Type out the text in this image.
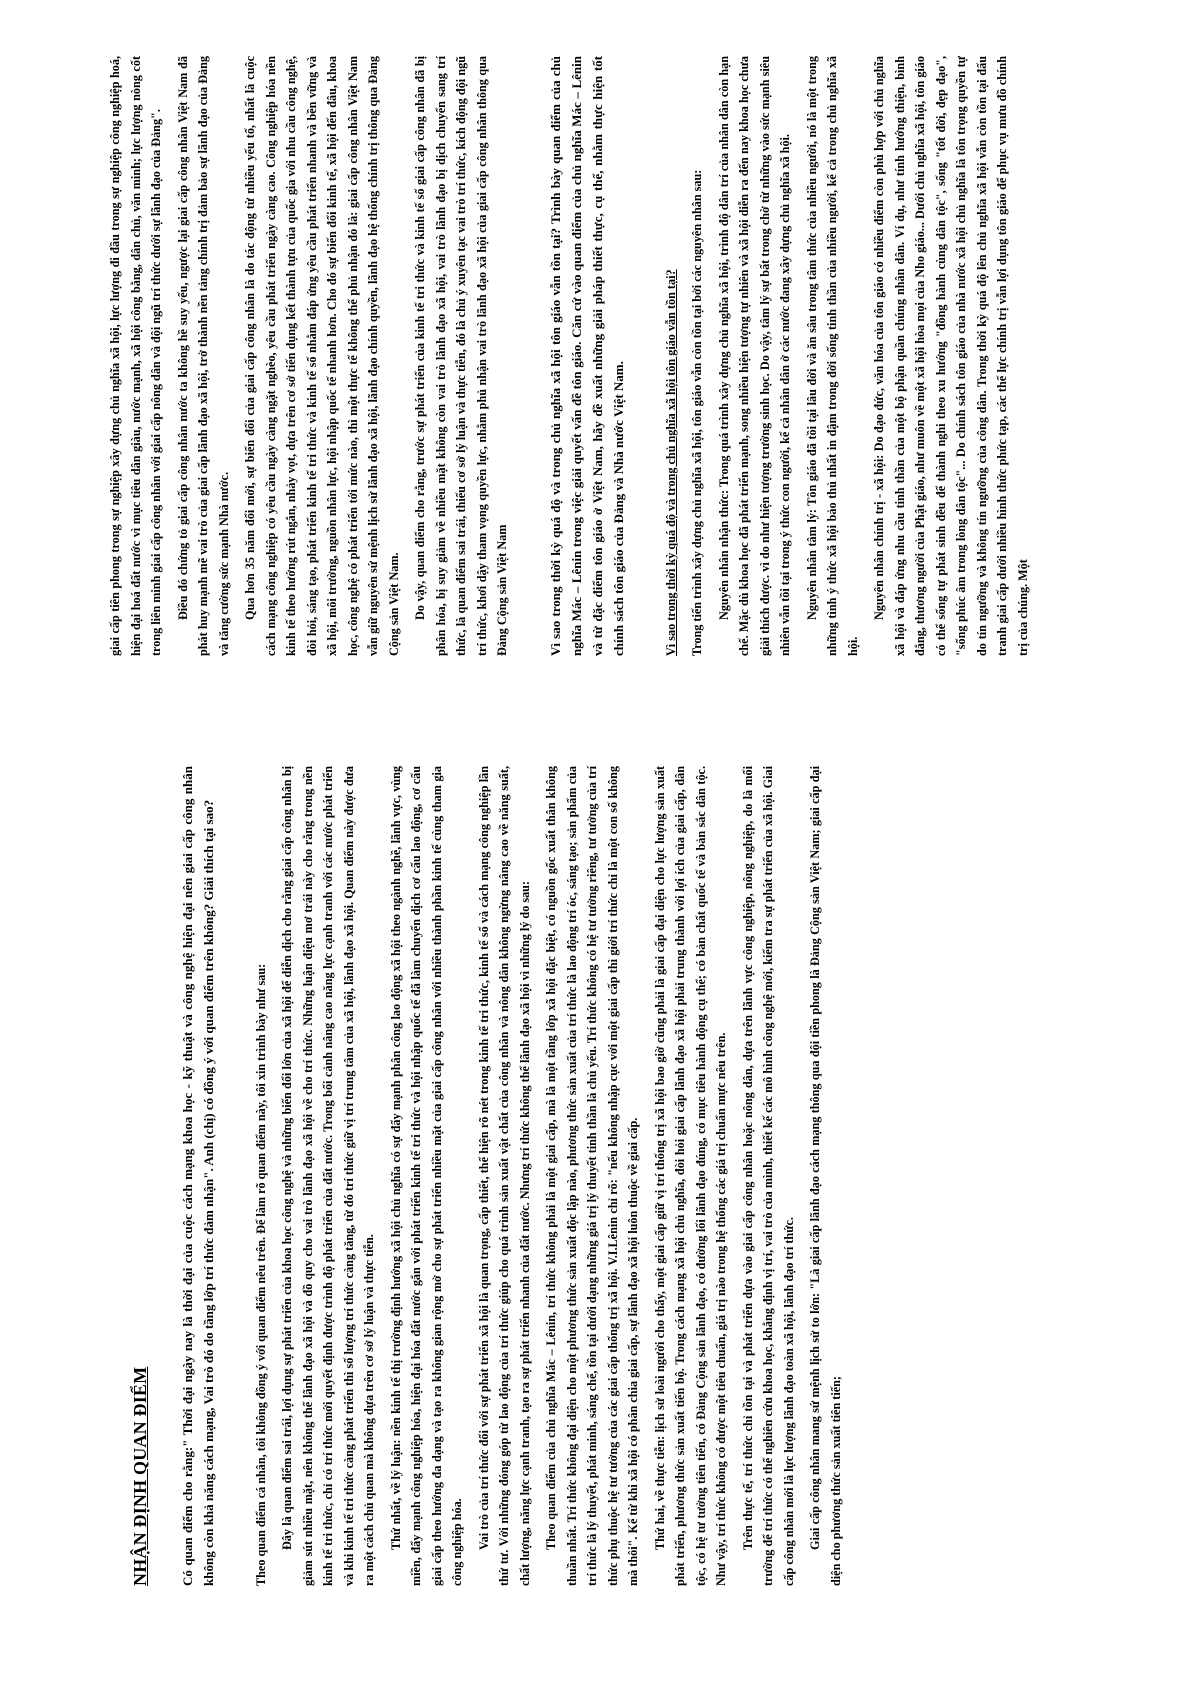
NHẬN ĐỊNH QUAN ĐIỂM Có quan điểm cho rằng:" Thời đại ngày nay là thời đại của cuộc cách mạng khoa học - kỹ thuật và công nghệ hiện đại nên giai cấp công nhân không còn khả năng cách mạng, Vai trò đó do tầng lớp trí thức đảm nhận". Anh (chị) có đồng ý với quan điểm trên không? Giải thích tại sao?	Theo quan điểm cá nhân, tôi không đồng ý với quan điểm nêu trên. Để làm rõ quan điểm này, tôi xin trình bày như sau: Đây là quan điểm sai trái, lợi dụng sự phát triển của khoa học công nghệ và những biến đổi lớn của xã hội để diễn dịch cho rằng giai cấp công nhân bị giảm sút nhiều mặt, nên không thể lãnh đạo xã hội và đồ quy cho vai trò lãnh đạo xã hội về cho trí thức. Những luận điệu mơ trái này cho rằng trong nền kinh tế tri thức, chỉ có trí thức mới quyết định được trình độ phát triển của đất nước. Trong bối cảnh nâng cao năng lực cạnh tranh với các nước phát triển và khi kinh tế tri thức càng phát triển thì số lượng trí thức càng tăng, từ đó trí thức giữ vị trí trung tâm của xã hội, lãnh đạo xã hội. Quan điểm này được đưa ra một cách chủ quan mà không dựa trên cơ sở lý luận và thực tiễn. Thứ nhất, về lý luận: nền kinh tế thị trường định hướng xã hội chủ nghĩa có sự đẩy mạnh phân công lao động xã hội theo ngành nghề, lãnh vực, vùng miền, đẩy mạnh công nghiệp hóa, hiện đại hóa đất nước gắn với phát triển kinh tế tri thức và hội nhập quốc tế đã làm chuyển dịch cơ cấu lao động, cơ cấu giai cấp theo hướng đa dạng và tạo ra không gian rộng mở cho sự phát triển nhiều mặt của giai cấp công nhân với nhiều thành phần kinh tế cùng tham gia công nghiệp hóa. Vai trò của trí thức đối với sự phát triển xã hội là quan trọng, cấp thiết, thể hiện rõ nét trong kinh tế tri thức, kinh tế số và cách mạng công nghiệp lần thứ tư. Với những đóng góp từ lao động của trí thức giúp cho quá trình sản xuất vật chất của công nhân và nông dân không ngừng nâng cao về năng suất, chất lượng, năng lực cạnh tranh, tạo ra sự phát triển nhanh của đất nước. Nhưng trí thức không thể lãnh đạo xã hội vì những lý do sau: Theo quan điểm của chủ nghĩa Mác – Lênin, trí thức không phải là một giai cấp, mà là một tầng lớp xã hội đặc biệt, có nguồn gốc xuất thân không thuần nhất. Trí thức không đại diện cho một phương thức sản xuất độc lập nào, phương thức sản xuất của trí thức là lao động trí óc, sáng tạo; sản phẩm của trí thức là lý thuyết, phát minh, sáng chế, tồn tại dưới dạng những giá trị lý thuyết tinh thần là chủ yếu. Trí thức không có hệ tư tưởng riêng, tư tưởng của trí thức phụ thuộc hệ tư tưởng của các giai cấp thống trị xã hội. V.I.Lênin chỉ rõ: "nếu không nhập cục với một giai cấp thì giới trí thức chỉ là một con số không mà thôi". Kể từ khi xã hội có phân chia giai cấp, sự lãnh đạo xã hội luôn thuộc về giai cấp. Thứ hai, về thực tiễn: lịch sử loài người cho thấy, một giai cấp giữ vị trí thống trị xã hội bao giờ cũng phải là giai cấp đại diện cho lực lượng sản xuất phát triển, phương thức sản xuất tiến bộ. Trong cách mạng xã hội chủ nghĩa, đòi hỏi giai cấp lãnh đạo xã hội phải trung thành với lợi ích của giai cấp, dân tộc, có hệ tư tưởng tiên tiến, có Đảng Cộng sản lãnh đạo, có đường lối lãnh đạo đúng, có mục tiêu hành động cụ thể; có bản chất quốc tế và bản sắc dân tộc. Như vậy, trí thức không có được một tiêu chuẩn, giá trị nào trong hệ thống các giá trị chuẩn mực nêu trên. Trên thực tế, trí thức chỉ tồn tại và phát triển dựa vào giai cấp công nhân hoặc nông dân, dựa trên lãnh vực công nghiệp, nông nghiệp, do là mối trường để trí thức có thể nghiên cứu khoa học, khẳng định vị trí, vai trò của mình, thiết kế các mô hình công nghệ mới, kiểm tra sự phát triển của xã hội. Giai cấp công nhân mới là lực lượng lãnh đạo toàn xã hội, lãnh đạo trí thức. Giai cấp công nhân mang sứ mệnh lịch sử to lớn: "Là giai cấp lãnh đạo cách mạng thông qua đội tiền phong là Đảng Cộng sản Việt Nam; giai cấp đại diện cho phương thức sản xuất tiên tiến;

giai cấp tiên phong trong sự nghiệp xây dựng chủ nghĩa xã hội, lực lượng đi đầu trong sự nghiệp công nghiệp hoá, hiện đại hoá đất nước vì mục tiêu dân giàu, nước mạnh, xã hội công bằng, dân chủ, văn minh; lực lượng nòng cốt trong liên minh giai cấp công nhân với giai cấp nông dân và đội ngũ trí thức dưới sự lãnh đạo của Đảng". Điều đó chứng tỏ giai cấp công nhân nước ta không hề suy yếu, ngược lại giai cấp công nhân Việt Nam đã phát huy mạnh mẽ vai trò của giai cấp lãnh đạo xã hội, trở thành nền tảng chính trị đảm bảo sự lãnh đạo của Đảng và tăng cường sức mạnh Nhà nước. Qua hơn 35 năm đổi mới, sự biến đổi của giai cấp công nhân là do tác động từ nhiều yếu tố, nhất là cuộc cách mạng công nghiệp có yêu cầu ngày càng ngặt nghèo, yêu cầu phát triển ngày càng cao. Công nghiệp hóa nền kinh tế theo hướng rút ngắn, nhảy vọt, dựa trên cơ sở tiến dụng kết thành tựu của quốc gia với nhu cầu công nghệ, đòi hỏi, sáng tạo, phát triển kinh tế tri thức và kinh tế số nhằm đáp ứng yêu cầu phát triển nhanh và bền vững và xã hội, môi trường, nguồn nhân lực, hội nhập quốc tế nhanh hơn. Cho đó sự biến đổi kinh tế, xã hội đến đâu, khoa học, công nghệ có phát triển tới mức nào, thì một thực tế không thể phủ nhận đó là: giai cấp công nhân Việt Nam vẫn giữ nguyên sứ mệnh lịch sử lãnh đạo xã hội, lãnh đạo chính quyền, lãnh đạo hệ thống chính trị thông qua Đảng Cộng sản Việt Nam. Do vậy, quan điểm cho rằng, trước sự phát triển của kinh tế tri thức và kinh tế số giai cấp công nhân đã bị phân hóa, bị suy giảm về nhiều mặt không còn vai trò lãnh đạo xã hội, vai trò lãnh đạo bị dịch chuyển sang trí thức, là quan điểm sai trái, thiếu cơ sở lý luận và thực tiễn, đó là chủ ý xuyên tạc vai trò trí thức, kích động đội ngũ trí thức, khơi dậy tham vọng quyền lực, nhằm phủ nhận vai trò lãnh đạo xã hội của giai cấp công nhân thông qua Đảng Cộng sản Việt Nam	Vì sao trong thời kỳ quá độ và trong chủ nghĩa xã hội tôn giáo vẫn tồn tại? Trình bày quan điểm của chủ nghĩa Mác – Lênin trong việc giải quyết vấn đề tôn giáo. Căn cứ vào quan điểm của chủ nghĩa Mác – Lênin và từ đặc điểm tôn giáo ở Việt Nam, hãy đề xuất những giải pháp thiết thực, cụ thể, nhằm thực hiện tốt chính sách tôn giáo của Đảng và Nhà nước Việt Nam.	Vì sao trong thời kỳ quá độ và trong chủ nghĩa xã hội tôn giáo vẫn tồn tại? Trong tiến trình xây dựng chủ nghĩa xã hội, tôn giáo vẫn còn tồn tại bởi các nguyên nhân sau: Nguyên nhân nhận thức: Trong quá trình xây dựng chủ nghĩa xã hội, trình độ dân trí của nhân dân còn hạn chế. Mặc dù khoa học đã phát triển mạnh, song nhiều hiện tượng tự nhiên và xã hội diễn ra đến nay khoa học chưa giải thích được. vì do như hiện tượng trường sinh học. Do vậy, tâm lý sự bất trong chờ từ những vào sức mạnh siêu nhiên vẫn tồi tại trong ý thức con người, kể cả nhân dân ở các nước đang xây dựng chủ nghĩa xã hội. Nguyên nhân tâm lý: Tôn giáo đã tồi tại lâu đời và ăn sâu trong tâm thức của nhiều người, nó là một trong những tình ý thức xã hội bảo thủ nhất in đậm trong đời sống tinh thần của nhiều người, kể cả trong chủ nghĩa xã hội.

Nguyên nhân chính trị - xã hội: Do đạo đức, văn hóa của tôn giáo có nhiều điểm còn phù hợp với chủ nghĩa xã hội và đáp ứng nhu cầu tinh thần của một bộ phận quần chúng nhân dân. Ví dụ, như tính hướng thiện, bình đẳng, thương người của Phật giáo, như muôn về một xã hội hòa mọi của Nho giáo... Dưới chủ nghĩa xã hội, tôn giáo có thể sống tự phát sinh đều để thành nghi theo xu hướng "đồng hành cùng dân tộc", sống "tốt đời, đẹp đạo", "sống phúc âm trong lòng dân tộc"... Do chính sách tôn giáo của nhà nước xã hội chủ nghĩa là tôn trọng quyền tự do tín ngưỡng và không tín ngưỡng của công dân. Trong thời kỳ quá độ lên chủ nghĩa xã hội vẫn còn tồn tại đấu tranh giai cấp dưới nhiều hình thức phức tạp, các thế lực chính trị vẫn lợi dụng tôn giáo để phục vụ mưu đồ chính trị của chúng. Một
